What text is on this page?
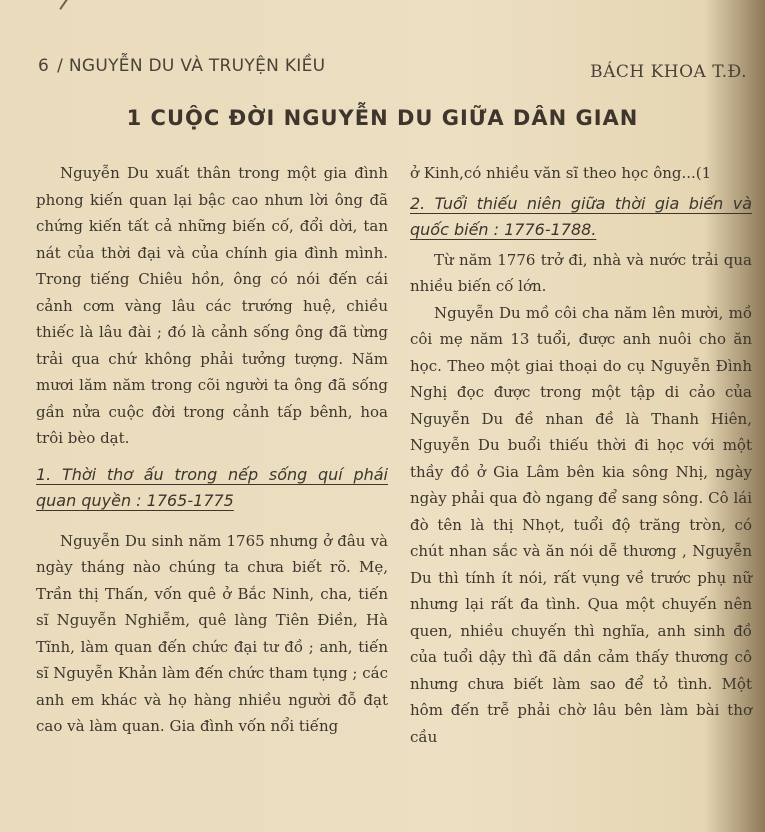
6 / NGUYỄN DU VÀ TRUYỆN KIỀU	BÁCH KHOA T.Đ.
1 CUỘC ĐỜI NGUYỄN DU GIỮA DÂN GIAN

Nguyễn Du xuất thân trong một gia đình phong kiến quan lại bậc cao nhưn lời ông đã chứng kiến tất cả những biến cố, đổi dời, tan nát của thời đại và của chính gia đình mình. Trong tiếng Chiêu hồn, ông có nói đến cái cảnh cơm vàng lâu các trướng huệ, chiều thiếc là lâu đài ; đó là cảnh sống ông đã từng trải qua chứ không phải tưởng tượng. Năm mươi lăm năm trong cõi người ta ông đã sống gần nửa cuộc đời trong cảnh tấp bênh, hoa trôi bèo dạt.

1. Thời thơ ấu trong nếp sống quí phái quan quyền : 1765-1775

Nguyễn Du sinh năm 1765 nhưng ở đâu và ngày tháng nào chúng ta chưa biết rõ. Mẹ, Trần thị Thấn, vốn quê ở Bắc Ninh, cha, tiến sĩ Nguyễn Nghiễm, quê làng Tiên Điền, Hà Tĩnh, làm quan đến chức đại tư đồ ; anh, tiến sĩ Nguyễn Khản làm đến chức tham tụng ; các anh em khác và họ hàng nhiều người đỗ đạt cao và làm quan. Gia đình vốn nổi tiếng

ở Kinh,có nhiều văn sĩ theo học ông...(1

2. Tuổi thiếu niên giữa thời gia biến và quốc biến : 1776-1788.

Từ năm 1776 trở đi, nhà và nước trải qua nhiều biến cố lớn.

Nguyễn Du mồ côi cha năm lên mười, mồ côi mẹ năm 13 tuổi, được anh nuôi cho ăn học. Theo một giai thoại do cụ Nguyễn Đình Nghị đọc được trong một tập di cảo của Nguyễn Du đề nhan đề là Thanh Hiên, Nguyễn Du buổi thiếu thời đi học với một thầy đồ ở Gia Lâm bên kia sông Nhị, ngày ngày phải qua đò ngang để sang sông. Cô lái đò tên là thị Nhọt, tuổi độ trăng tròn, có chút nhan sắc và ăn nói dễ thương , Nguyễn Du thì tính ít nói, rất vụng về trước phụ nữ nhưng lại rất đa tình. Qua một chuyến nên quen, nhiều chuyến thì nghĩa, anh sinh đồ của tuổi dậy thì đã dần cảm thấy thương cô nhưng chưa biết làm sao để tỏ tình. Một hôm đến trễ phải chờ lâu bên làm bài thơ cầu
